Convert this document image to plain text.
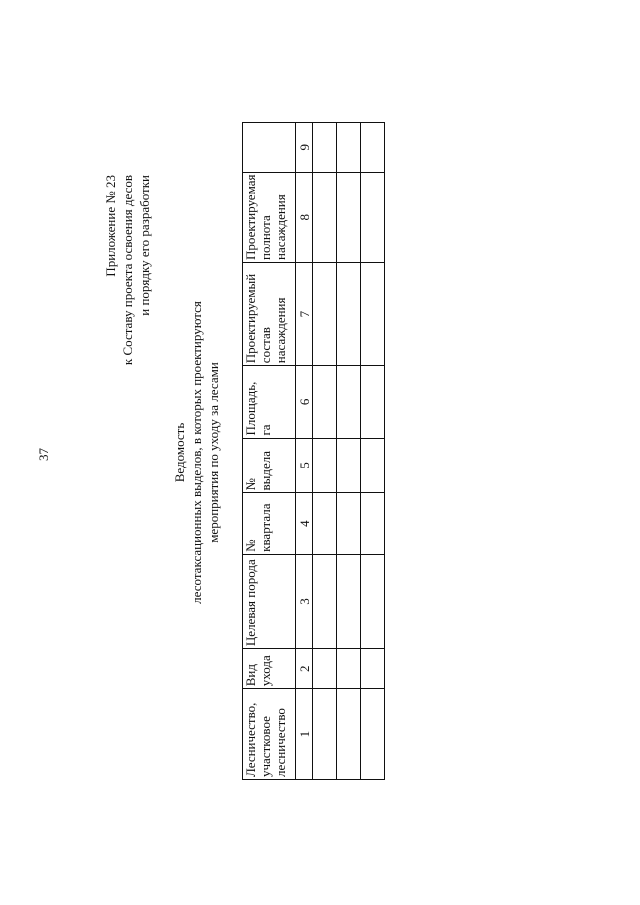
37
Приложение № 23 к Составу проекта освоения десов и порядку его разработки
Ведомость лесотаксационных выделов, в которых проектируются мероприятия по уходу за лесами
Лесничество, участковое лесничество	Вид ухода	Целевая порода	№ квартала	№ выдела	Площадь, га	Проектируемый состав насаждения	Проектируемая полнота насаждения	

1	2	3	4	5	6	7	8	9
